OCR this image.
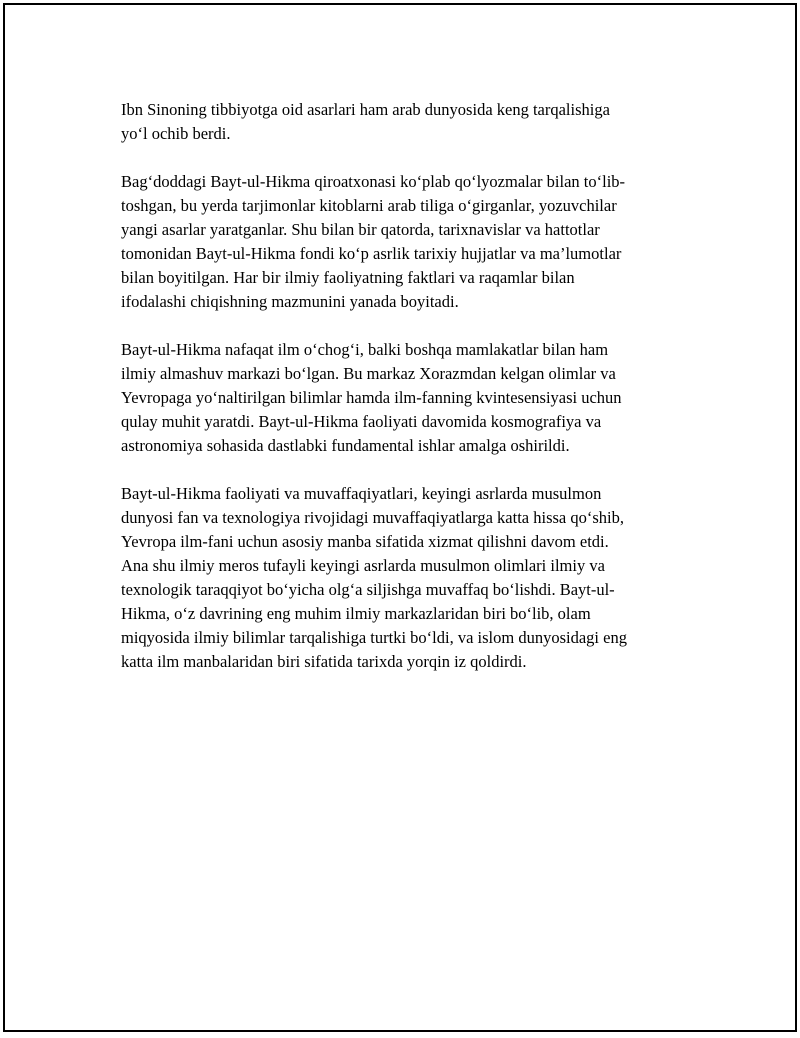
Ibn Sinoning tibbiyotga oid asarlari ham arab dunyosida keng tarqalishiga
yo‘l ochib berdi.

Bag‘doddagi Bayt-ul-Hikma qiroatxonasi ko‘plab qo‘lyozmalar bilan to‘lib-
toshgan, bu yerda tarjimonlar kitoblarni arab tiliga o‘girganlar, yozuvchilar
yangi asarlar yaratganlar. Shu bilan bir qatorda, tarixnavislar va hattotlar
tomonidan Bayt-ul-Hikma fondi ko‘p asrlik tarixiy hujjatlar va ma’lumotlar
bilan boyitilgan. Har bir ilmiy faoliyatning faktlari va raqamlar bilan
ifodalashi chiqishning mazmunini yanada boyitadi.

Bayt-ul-Hikma nafaqat ilm o‘chog‘i, balki boshqa mamlakatlar bilan ham
ilmiy almashuv markazi bo‘lgan. Bu markaz Xorazmdan kelgan olimlar va
Yevropaga yo‘naltirilgan bilimlar hamda ilm-fanning kvintesensiyasi uchun
qulay muhit yaratdi. Bayt-ul-Hikma faoliyati davomida kosmografiya va
astronomiya sohasida dastlabki fundamental ishlar amalga oshirildi.

Bayt-ul-Hikma faoliyati va muvaffaqiyatlari, keyingi asrlarda musulmon
dunyosi fan va texnologiya rivojidagi muvaffaqiyatlarga katta hissa qo‘shib,
Yevropa ilm-fani uchun asosiy manba sifatida xizmat qilishni davom etdi.
Ana shu ilmiy meros tufayli keyingi asrlarda musulmon olimlari ilmiy va
texnologik taraqqiyot bo‘yicha olg‘a siljishga muvaffaq bo‘lishdi. Bayt-ul-
Hikma, o‘z davrining eng muhim ilmiy markazlaridan biri bo‘lib, olam
miqyosida ilmiy bilimlar tarqalishiga turtki bo‘ldi, va islom dunyosidagi eng
katta ilm manbalaridan biri sifatida tarixda yorqin iz qoldirdi.
